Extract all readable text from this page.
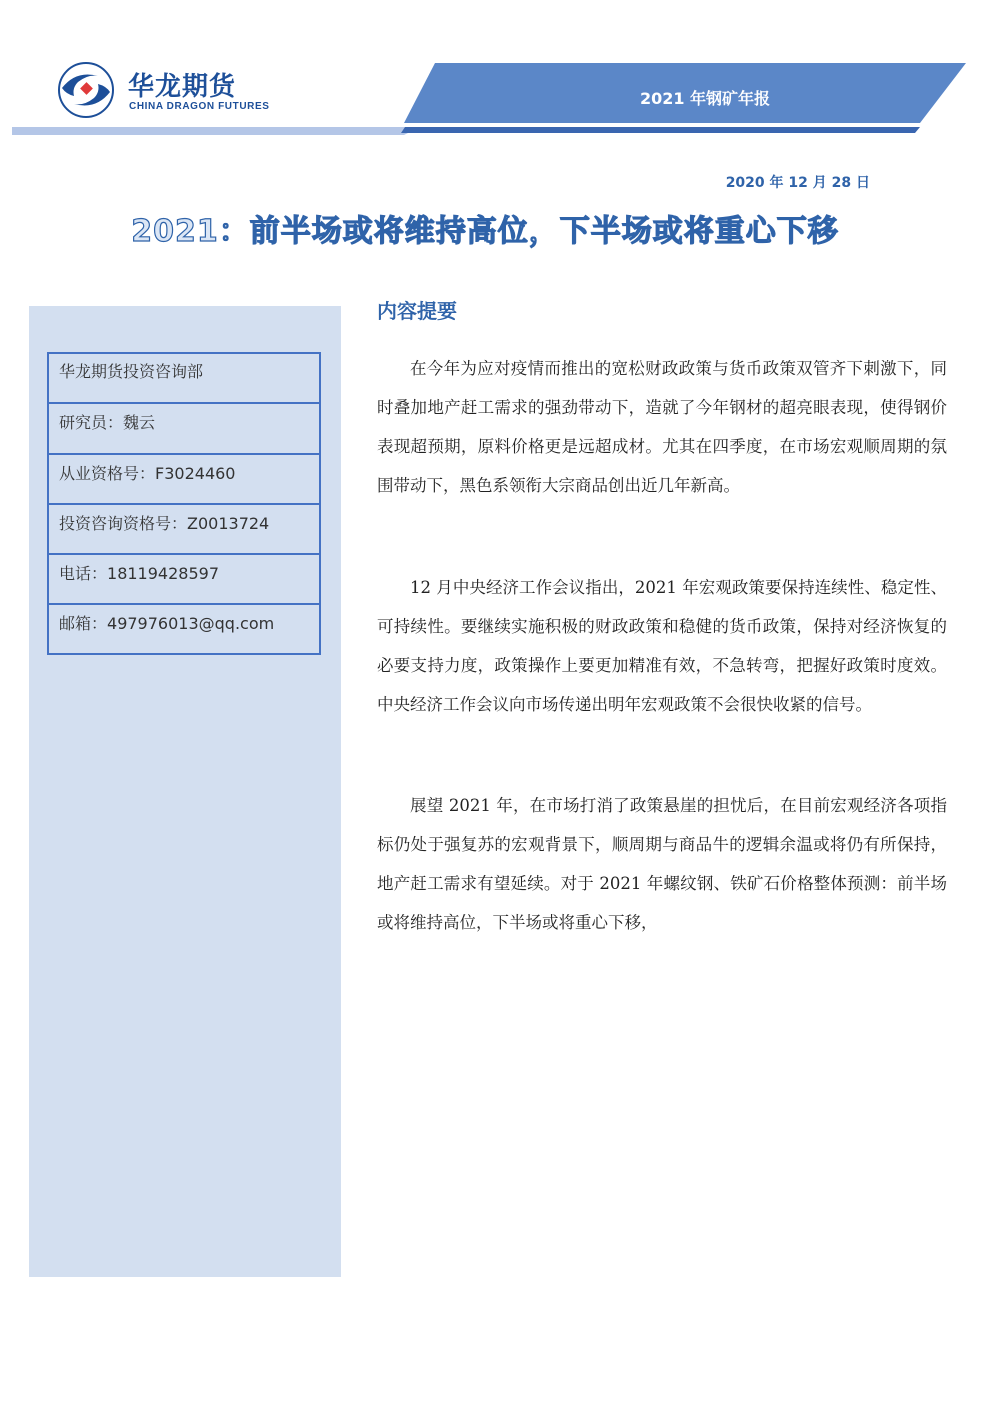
华龙期货
CHINA DRAGON FUTURES	2021 年钢矿年报
2020 年 12 月 28 日
2021：前半场或将维持高位，下半场或将重心下移
华龙期货投资咨询部
研究员：魏云
从业资格号：F3024460
投资咨询资格号：Z0013724
电话：18119428597
邮箱：497976013@qq.com
内容提要
在今年为应对疫情而推出的宽松财政政策与货币政策双管齐下刺激下，同时叠加地产赶工需求的强劲带动下，造就了今年钢材的超亮眼表现，使得钢价表现超预期，原料价格更是远超成材。尤其在四季度，在市场宏观顺周期的氛围带动下，黑色系领衔大宗商品创出近几年新高。
12 月中央经济工作会议指出，2021 年宏观政策要保持连续性、稳定性、可持续性。要继续实施积极的财政政策和稳健的货币政策，保持对经济恢复的必要支持力度，政策操作上要更加精准有效，不急转弯，把握好政策时度效。中央经济工作会议向市场传递出明年宏观政策不会很快收紧的信号。
展望 2021 年，在市场打消了政策悬崖的担忧后，在目前宏观经济各项指标仍处于强复苏的宏观背景下，顺周期与商品牛的逻辑余温或将仍有所保持，地产赶工需求有望延续。对于 2021 年螺纹钢、铁矿石价格整体预测：前半场或将维持高位，下半场或将重心下移，
